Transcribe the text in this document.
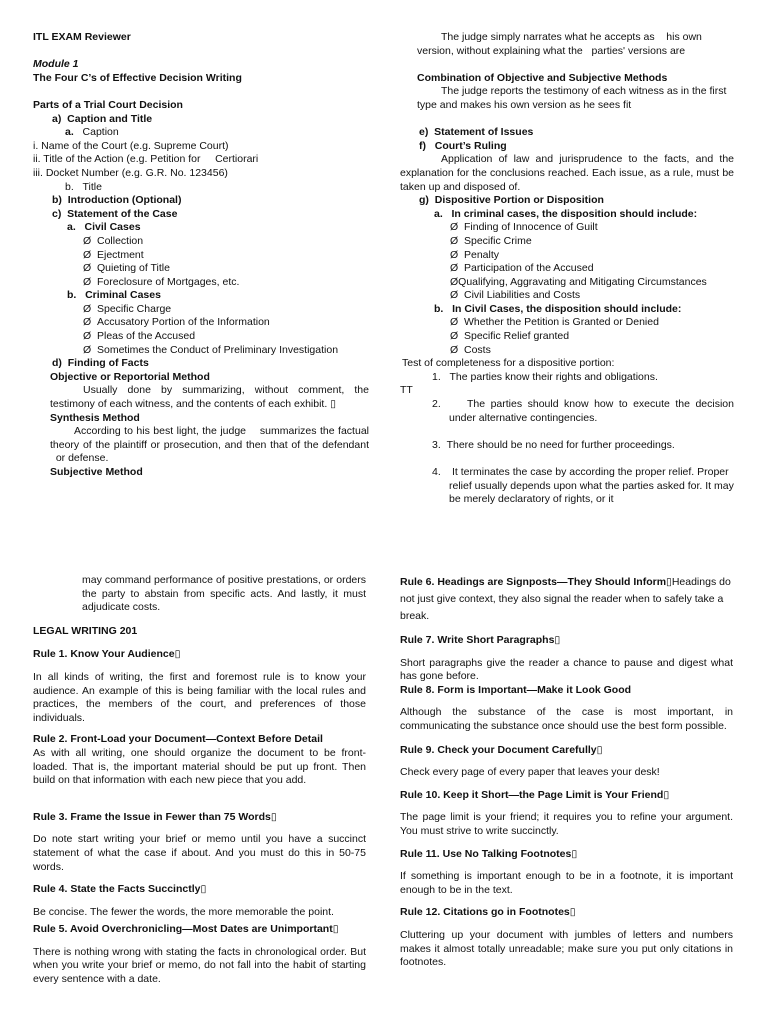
ITL EXAM Reviewer

Module 1

The Four C’s of Effective Decision Writing

Parts of a Trial Court Decision

a)  Caption and Title

a.   Caption

i. Name of the Court (e.g. Supreme Court)

ii. Title of the Action (e.g. Petition for     Certiorari

iii. Docket Number (e.g. G.R. No. 123456)

b.   Title

b)  Introduction (Optional)

c)  Statement of the Case

a.   Civil Cases

Ø  Collection
Ø  Ejectment
Ø  Quieting of Title
Ø  Foreclosure of Mortgages, etc.

b.   Criminal Cases

Ø  Specific Charge
Ø  Accusatory Portion of the Information
Ø  Pleas of the Accused
Ø  Sometimes the Conduct of Preliminary Investigation

d)  Finding of Facts

Objective or Reportorial Method

Usually done by summarizing, without comment, the testimony of each witness, and the contents of each exhibit. ▯

Synthesis Method

According to his best light, the judge    summarizes the factual theory of the plaintiff or prosecution, and then that of the defendant   or defense.

Subjective Method

The judge simply narrates what he accepts as    his own version, without explaining what the   parties' versions are

Combination of Objective and Subjective Methods

The judge reports the testimony of each witness as in the first type and makes his own version as he sees fit

e)  Statement of Issues

f)   Court’s Ruling

Application of law and jurisprudence to the facts, and the explanation for the conclusions reached. Each issue, as a rule, must be taken up and disposed of.

g)  Dispositive Portion or Disposition

a.   In criminal cases, the disposition should include:

Ø  Finding of Innocence of Guilt
Ø  Specific Crime
Ø  Penalty
Ø  Participation of the Accused
ØQualifying, Aggravating and Mitigating Circumstances
Ø  Civil Liabilities and Costs

b.   In Civil Cases, the disposition should include:

Ø  Whether the Petition is Granted or Denied
Ø  Specific Relief granted
Ø  Costs

Test of completeness for a dispositive portion:

1.   The parties know their rights and obligations.

TT

2.	The parties should know how to execute the decision under alternative contingencies.

3.  There should be no need for further proceedings.

4. It terminates the case by according the proper relief. Proper relief usually depends upon what the parties asked for. It may be merely declaratory of rights, or it

may command performance of positive prestations, or orders the party to abstain from specific acts. And lastly, it must adjudicate costs.

LEGAL WRITING 201

Rule 1. Know Your Audience▯

In all kinds of writing, the first and foremost rule is to know your audience. An example of this is being familiar with the local rules and practices, the members of the court, and preferences of those individuals.

Rule 2. Front-Load your Document—Context Before Detail

As with all writing, one should organize the document to be front-loaded. That is, the important material should be put up front. Then build on that information with each new piece that you add.

Rule 3. Frame the Issue in Fewer than 75 Words▯

Do note start writing your brief or memo until you have a succinct statement of what the case if about. And you must do this in 50-75 words.

Rule 4. State the Facts Succinctly▯

Be concise. The fewer the words, the more memorable the point.

Rule 5. Avoid Overchronicling—Most Dates are Unimportant▯

There is nothing wrong with stating the facts in chronological order. But when you write your brief or memo, do not fall into the habit of starting every sentence with a date.

Rule 6. Headings are Signposts—They Should Inform▯Headings do not just give context, they also signal the reader when to safely take a break.

Rule 7. Write Short Paragraphs▯

Short paragraphs give the reader a chance to pause and digest what has gone before.

Rule 8. Form is Important—Make it Look Good

Although the substance of the case is most important, in communicating the substance once should use the best form possible.

Rule 9. Check your Document Carefully▯

Check every page of every paper that leaves your desk!

Rule 10. Keep it Short—the Page Limit is Your Friend▯

The page limit is your friend; it requires you to refine your argument. You must strive to write succinctly.

Rule 11. Use No Talking Footnotes▯

If something is important enough to be in a footnote, it is important enough to be in the text.

Rule 12. Citations go in Footnotes▯

Cluttering up your document with jumbles of letters and numbers makes it almost totally unreadable; make sure you put only citations in footnotes.
